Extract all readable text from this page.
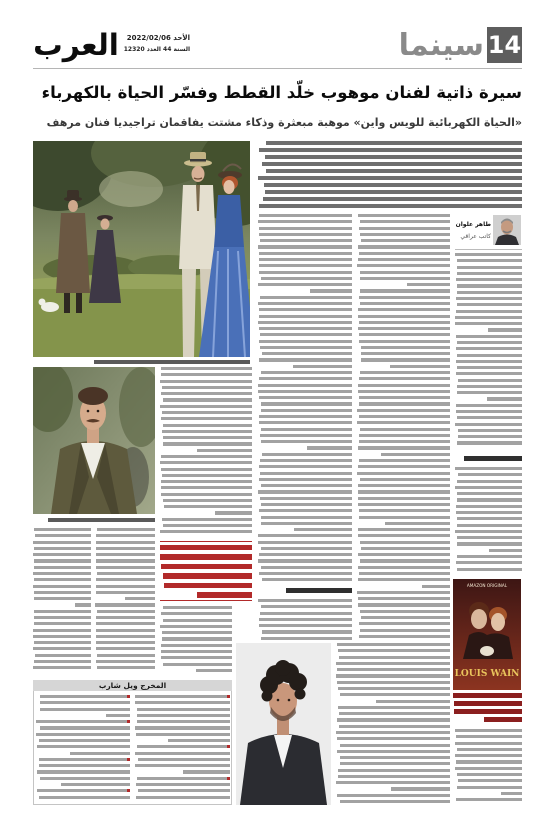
العرب	الأحد 2022/02/06
السنة 44 العدد 12320	سينما 14
سيرة ذاتية لفنان موهوب خلّد القطط وفسّر الحياة بالكهرباء
«الحياة الكهربائية للويس واين» موهبة مبعثرة وذكاء مشتت يفاقمان تراجيديا فنان مرهف
طاهر علوان
كاتب عراقي
AMAZON ORIGINAL
LOUIS WAIN
المخرج ويل شارب
